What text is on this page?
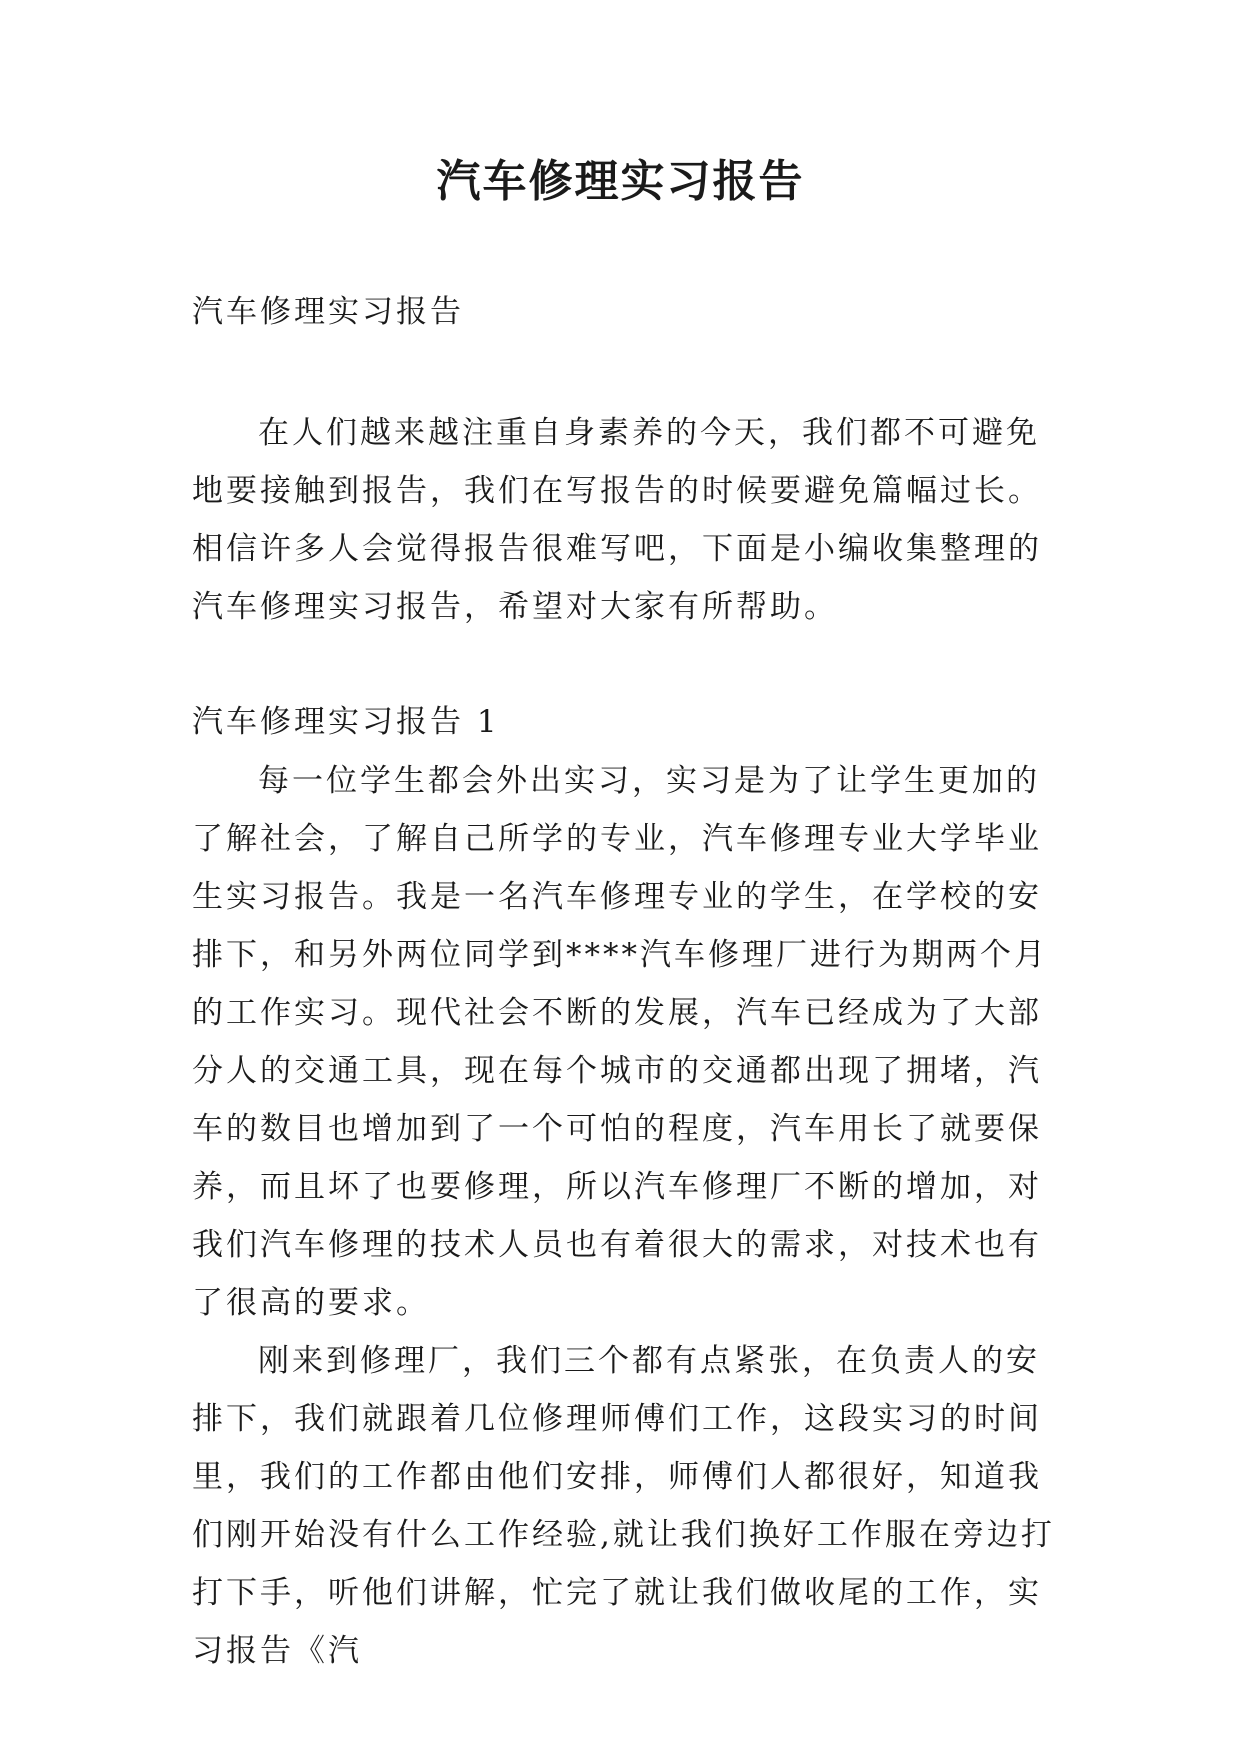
汽车修理实习报告
汽车修理实习报告
在人们越来越注重自身素养的今天，我们都不可避免地要接触到报告，我们在写报告的时候要避免篇幅过长。相信许多人会觉得报告很难写吧，下面是小编收集整理的汽车修理实习报告，希望对大家有所帮助。
汽车修理实习报告 1

每一位学生都会外出实习，实习是为了让学生更加的了解社会，了解自己所学的专业，汽车修理专业大学毕业生实习报告。我是一名汽车修理专业的学生，在学校的安排下，和另外两位同学到****汽车修理厂进行为期两个月的工作实习。现代社会不断的发展，汽车已经成为了大部分人的交通工具，现在每个城市的交通都出现了拥堵，汽车的数目也增加到了一个可怕的程度，汽车用长了就要保养，而且坏了也要修理，所以汽车修理厂不断的增加，对我们汽车修理的技术人员也有着很大的需求，对技术也有了很高的要求。

刚来到修理厂，我们三个都有点紧张，在负责人的安排下，我们就跟着几位修理师傅们工作，这段实习的时间里，我们的工作都由他们安排，师傅们人都很好，知道我们刚开始没有什么工作经验,就让我们换好工作服在旁边打打下手，听他们讲解，忙完了就让我们做收尾的工作，实习报告《汽
